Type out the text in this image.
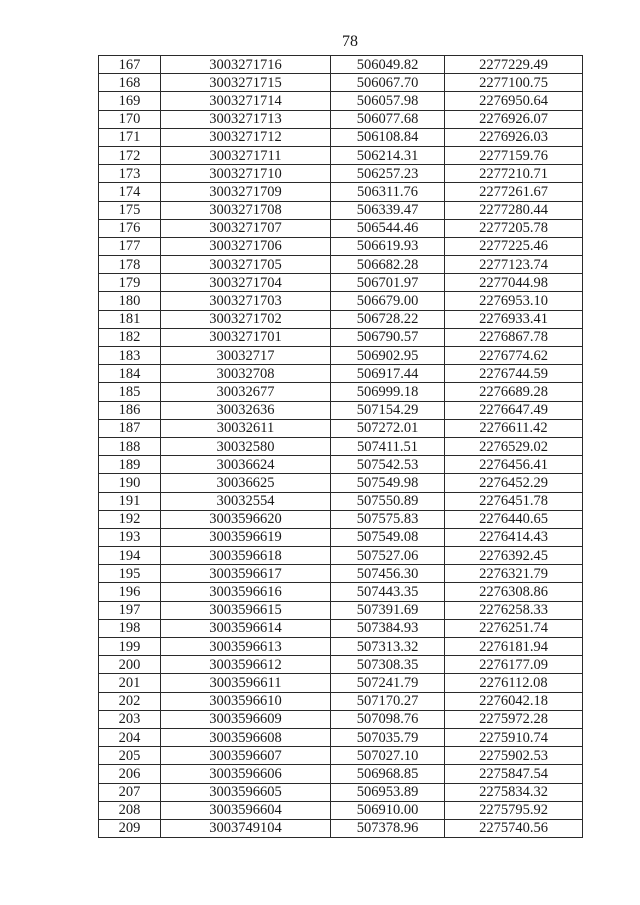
78
167	3003271716	506049.82	2277229.49
168	3003271715	506067.70	2277100.75
169	3003271714	506057.98	2276950.64
170	3003271713	506077.68	2276926.07
171	3003271712	506108.84	2276926.03
172	3003271711	506214.31	2277159.76
173	3003271710	506257.23	2277210.71
174	3003271709	506311.76	2277261.67
175	3003271708	506339.47	2277280.44
176	3003271707	506544.46	2277205.78
177	3003271706	506619.93	2277225.46
178	3003271705	506682.28	2277123.74
179	3003271704	506701.97	2277044.98
180	3003271703	506679.00	2276953.10
181	3003271702	506728.22	2276933.41
182	3003271701	506790.57	2276867.78
183	30032717	506902.95	2276774.62
184	30032708	506917.44	2276744.59
185	30032677	506999.18	2276689.28
186	30032636	507154.29	2276647.49
187	30032611	507272.01	2276611.42
188	30032580	507411.51	2276529.02
189	30036624	507542.53	2276456.41
190	30036625	507549.98	2276452.29
191	30032554	507550.89	2276451.78
192	3003596620	507575.83	2276440.65
193	3003596619	507549.08	2276414.43
194	3003596618	507527.06	2276392.45
195	3003596617	507456.30	2276321.79
196	3003596616	507443.35	2276308.86
197	3003596615	507391.69	2276258.33
198	3003596614	507384.93	2276251.74
199	3003596613	507313.32	2276181.94
200	3003596612	507308.35	2276177.09
201	3003596611	507241.79	2276112.08
202	3003596610	507170.27	2276042.18
203	3003596609	507098.76	2275972.28
204	3003596608	507035.79	2275910.74
205	3003596607	507027.10	2275902.53
206	3003596606	506968.85	2275847.54
207	3003596605	506953.89	2275834.32
208	3003596604	506910.00	2275795.92
209	3003749104	507378.96	2275740.56
